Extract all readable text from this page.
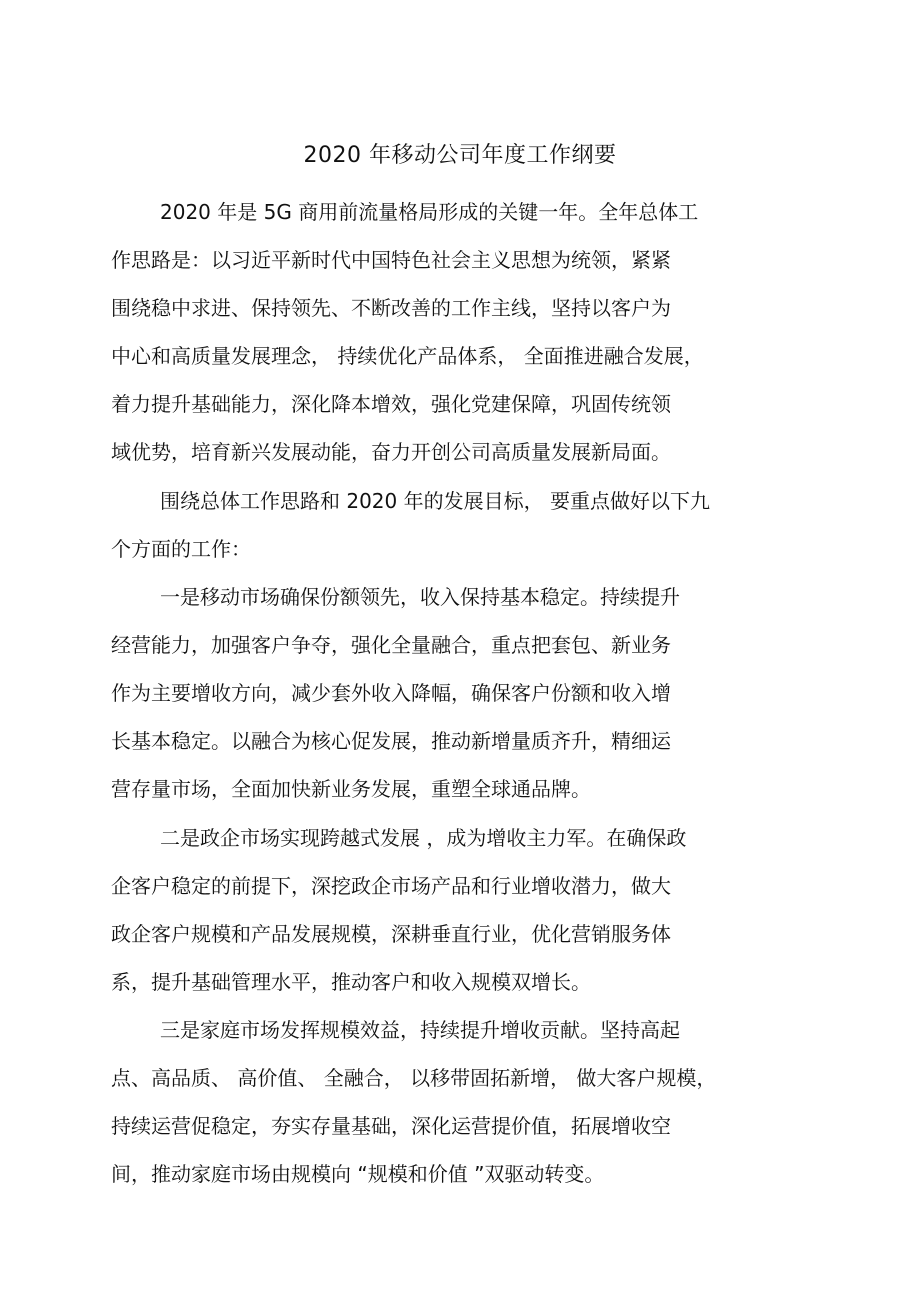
2020 年移动公司年度工作纲要
2020 年是 5G 商用前流量格局形成的关键一年。全年总体工
作思路是：以习近平新时代中国特色社会主义思想为统领，紧紧
围绕稳中求进、保持领先、不断改善的工作主线，坚持以客户为
中心和高质量发展理念， 持续优化产品体系， 全面推进融合发展，
着力提升基础能力，深化降本增效，强化党建保障，巩固传统领
域优势，培育新兴发展动能，奋力开创公司高质量发展新局面。
围绕总体工作思路和 2020 年的发展目标， 要重点做好以下九
个方面的工作：
一是移动市场确保份额领先，收入保持基本稳定。持续提升
经营能力，加强客户争夺，强化全量融合，重点把套包、新业务
作为主要增收方向，减少套外收入降幅，确保客户份额和收入增
长基本稳定。以融合为核心促发展，推动新增量质齐升，精细运
营存量市场，全面加快新业务发展，重塑全球通品牌。
二是政企市场实现跨越式发展 ，成为增收主力军。在确保政
企客户稳定的前提下，深挖政企市场产品和行业增收潜力，做大
政企客户规模和产品发展规模，深耕垂直行业，优化营销服务体
系，提升基础管理水平，推动客户和收入规模双增长。
三是家庭市场发挥规模效益，持续提升增收贡献。坚持高起
点、高品质、 高价值、 全融合， 以移带固拓新增， 做大客户规模，
持续运营促稳定，夯实存量基础，深化运营提价值，拓展增收空
间，推动家庭市场由规模向 “规模和价值 ”双驱动转变。
